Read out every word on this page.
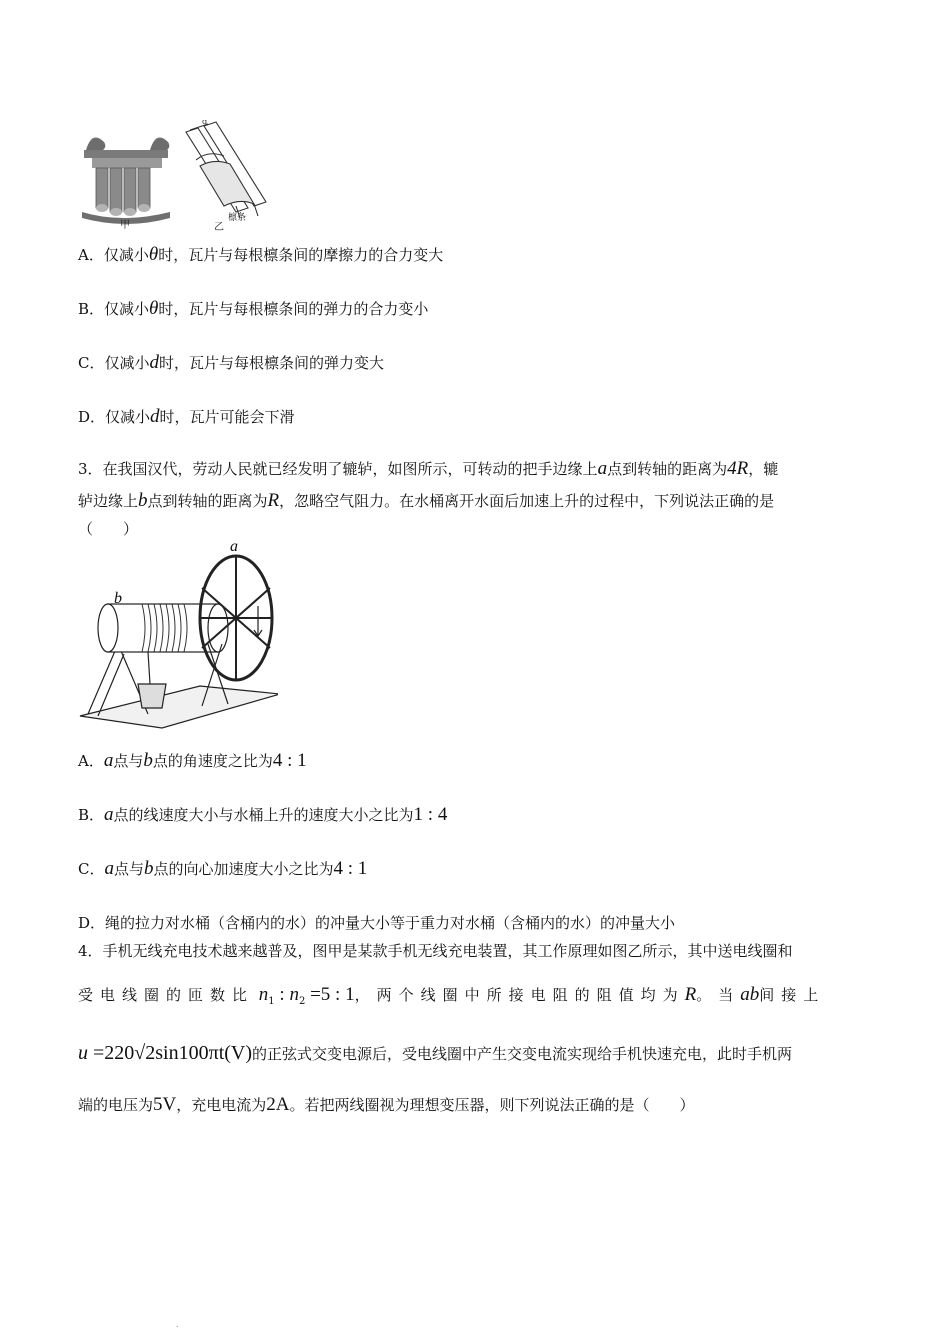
甲
d
乙
檩条
A．仅减小θ时，瓦片与每根檩条间的摩擦力的合力变大
B．仅减小θ时，瓦片与每根檩条间的弹力的合力变小
C．仅减小d时，瓦片与每根檩条间的弹力变大
D．仅减小d时，瓦片可能会下滑
3．在我国汉代，劳动人民就已经发明了辘轳，如图所示，可转动的把手边缘上a点到转轴的距离为4R，辘
轳边缘上b点到转轴的距离为R，忽略空气阻力。在水桶离开水面后加速上升的过程中，下列说法正确的是
（　　）
a
b
A．a点与b点的角速度之比为4 : 1
B．a点的线速度大小与水桶上升的速度大小之比为1 : 4
C．a点与b点的向心加速度大小之比为4 : 1
D．绳的拉力对水桶（含桶内的水）的冲量大小等于重力对水桶（含桶内的水）的冲量大小
4．手机无线充电技术越来越普及，图甲是某款手机无线充电装置，其工作原理如图乙所示，其中送电线圈和
受电线圈的匝数比 $n_1$ : $n_2 =5$ : 1，两个线圈中所接电阻的阻值均为R。当ab间接上
u =220√2sin100πt(V)的正弦式交变电源后，受电线圈中产生交变电流实现给手机快速充电，此时手机两
端的电压为5V，充电电流为2A。若把两线圈视为理想变压器，则下列说法正确的是（　　）
.
